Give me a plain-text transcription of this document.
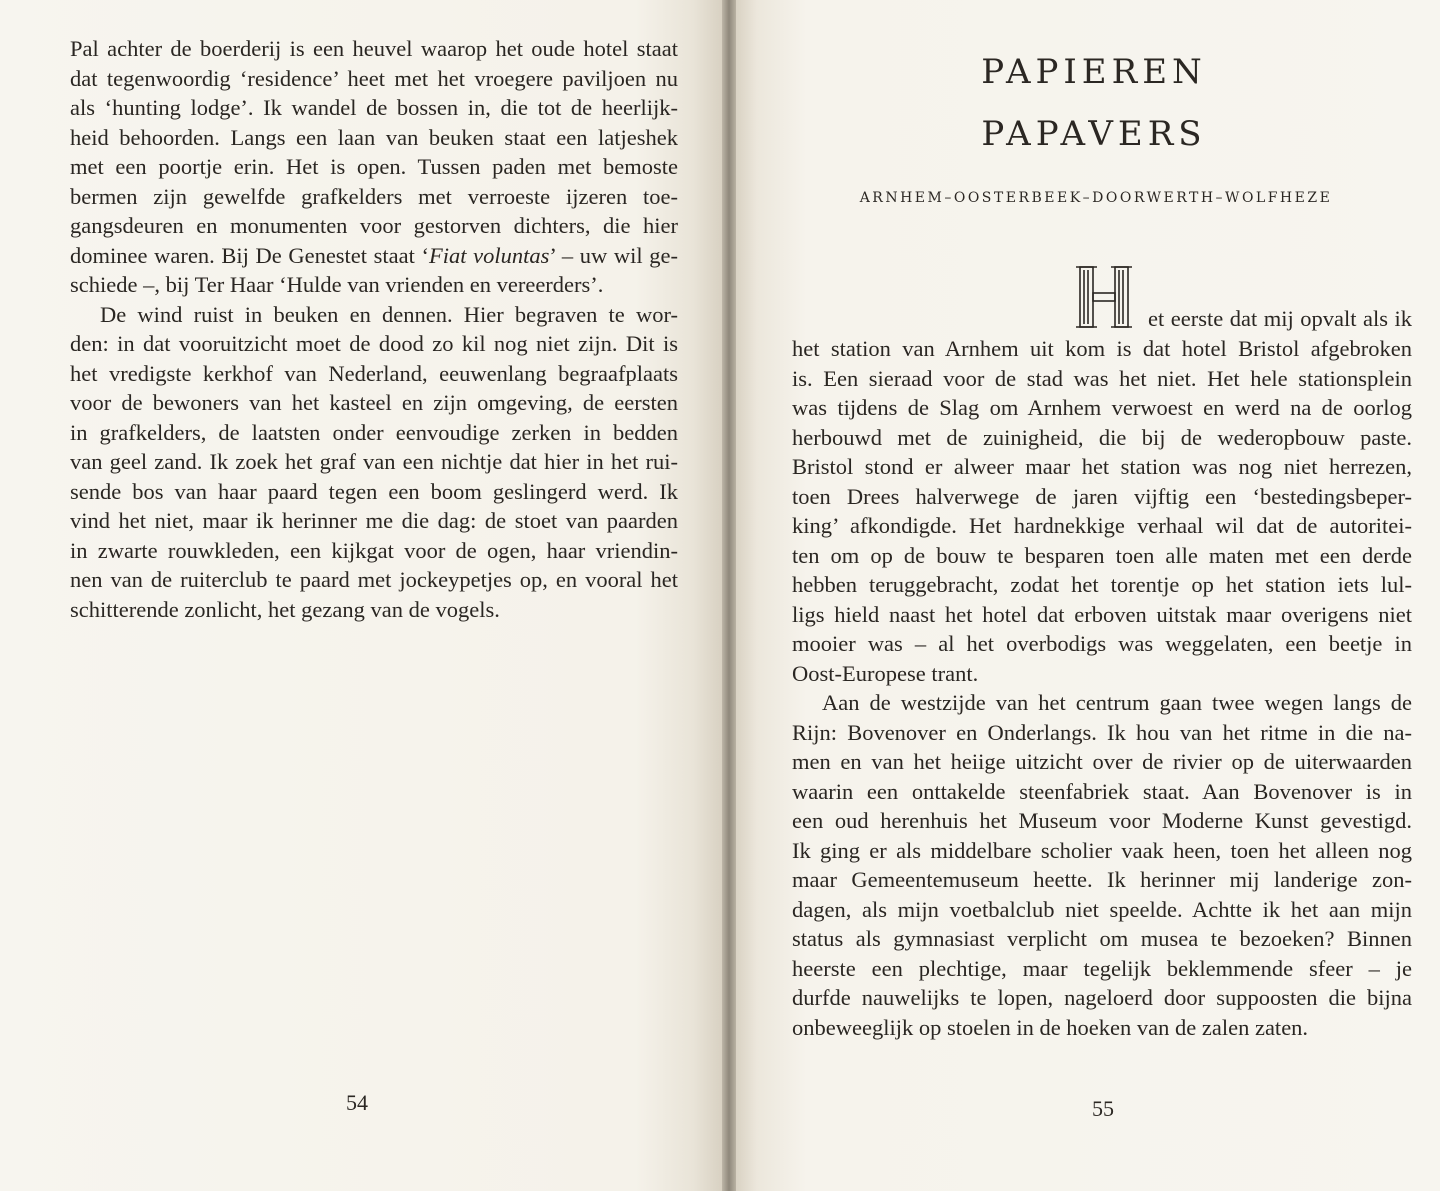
Pal achter de boerderij is een heuvel waarop het oude hotel staat
dat tegenwoordig ‘residence’ heet met het vroegere paviljoen nu
als ‘hunting lodge’. Ik wandel de bossen in, die tot de heerlijk-
heid behoorden. Langs een laan van beuken staat een latjeshek
met een poortje erin. Het is open. Tussen paden met bemoste
bermen zijn gewelfde grafkelders met verroeste ijzeren toe-
gangsdeuren en monumenten voor gestorven dichters, die hier
dominee waren. Bij De Genestet staat ‘Fiat voluntas’ – uw wil ge-
schiede –, bij Ter Haar ‘Hulde van vrienden en vereerders’.
De wind ruist in beuken en dennen. Hier begraven te wor-
den: in dat vooruitzicht moet de dood zo kil nog niet zijn. Dit is
het vredigste kerkhof van Nederland, eeuwenlang begraafplaats
voor de bewoners van het kasteel en zijn omgeving, de eersten
in grafkelders, de laatsten onder eenvoudige zerken in bedden
van geel zand. Ik zoek het graf van een nichtje dat hier in het rui-
sende bos van haar paard tegen een boom geslingerd werd. Ik
vind het niet, maar ik herinner me die dag: de stoet van paarden
in zwarte rouwkleden, een kijkgat voor de ogen, haar vriendin-
nen van de ruiterclub te paard met jockeypetjes op, en vooral het
schitterende zonlicht, het gezang van de vogels.
54
PAPIEREN
PAPAVERS

ARNHEM–OOSTERBEEK–DOORWERTH–WOLFHEZE

et eerste dat mij opvalt als ik
het station van Arnhem uit kom is dat hotel Bristol afgebroken
is. Een sieraad voor de stad was het niet. Het hele stationsplein
was tijdens de Slag om Arnhem verwoest en werd na de oorlog
herbouwd met de zuinigheid, die bij de wederopbouw paste.
Bristol stond er alweer maar het station was nog niet herrezen,
toen Drees halverwege de jaren vijftig een ‘bestedingsbeper-
king’ afkondigde. Het hardnekkige verhaal wil dat de autoritei-
ten om op de bouw te besparen toen alle maten met een derde
hebben teruggebracht, zodat het torentje op het station iets lul-
ligs hield naast het hotel dat erboven uitstak maar overigens niet
mooier was – al het overbodigs was weggelaten, een beetje in
Oost-Europese trant.
Aan de westzijde van het centrum gaan twee wegen langs de
Rijn: Bovenover en Onderlangs. Ik hou van het ritme in die na-
men en van het heiige uitzicht over de rivier op de uiterwaarden
waarin een onttakelde steenfabriek staat. Aan Bovenover is in
een oud herenhuis het Museum voor Moderne Kunst gevestigd.
Ik ging er als middelbare scholier vaak heen, toen het alleen nog
maar Gemeentemuseum heette. Ik herinner mij landerige zon-
dagen, als mijn voetbalclub niet speelde. Achtte ik het aan mijn
status als gymnasiast verplicht om musea te bezoeken? Binnen
heerste een plechtige, maar tegelijk beklemmende sfeer – je
durfde nauwelijks te lopen, nageloerd door suppoosten die bijna
onbeweeglijk op stoelen in de hoeken van de zalen zaten.
55
